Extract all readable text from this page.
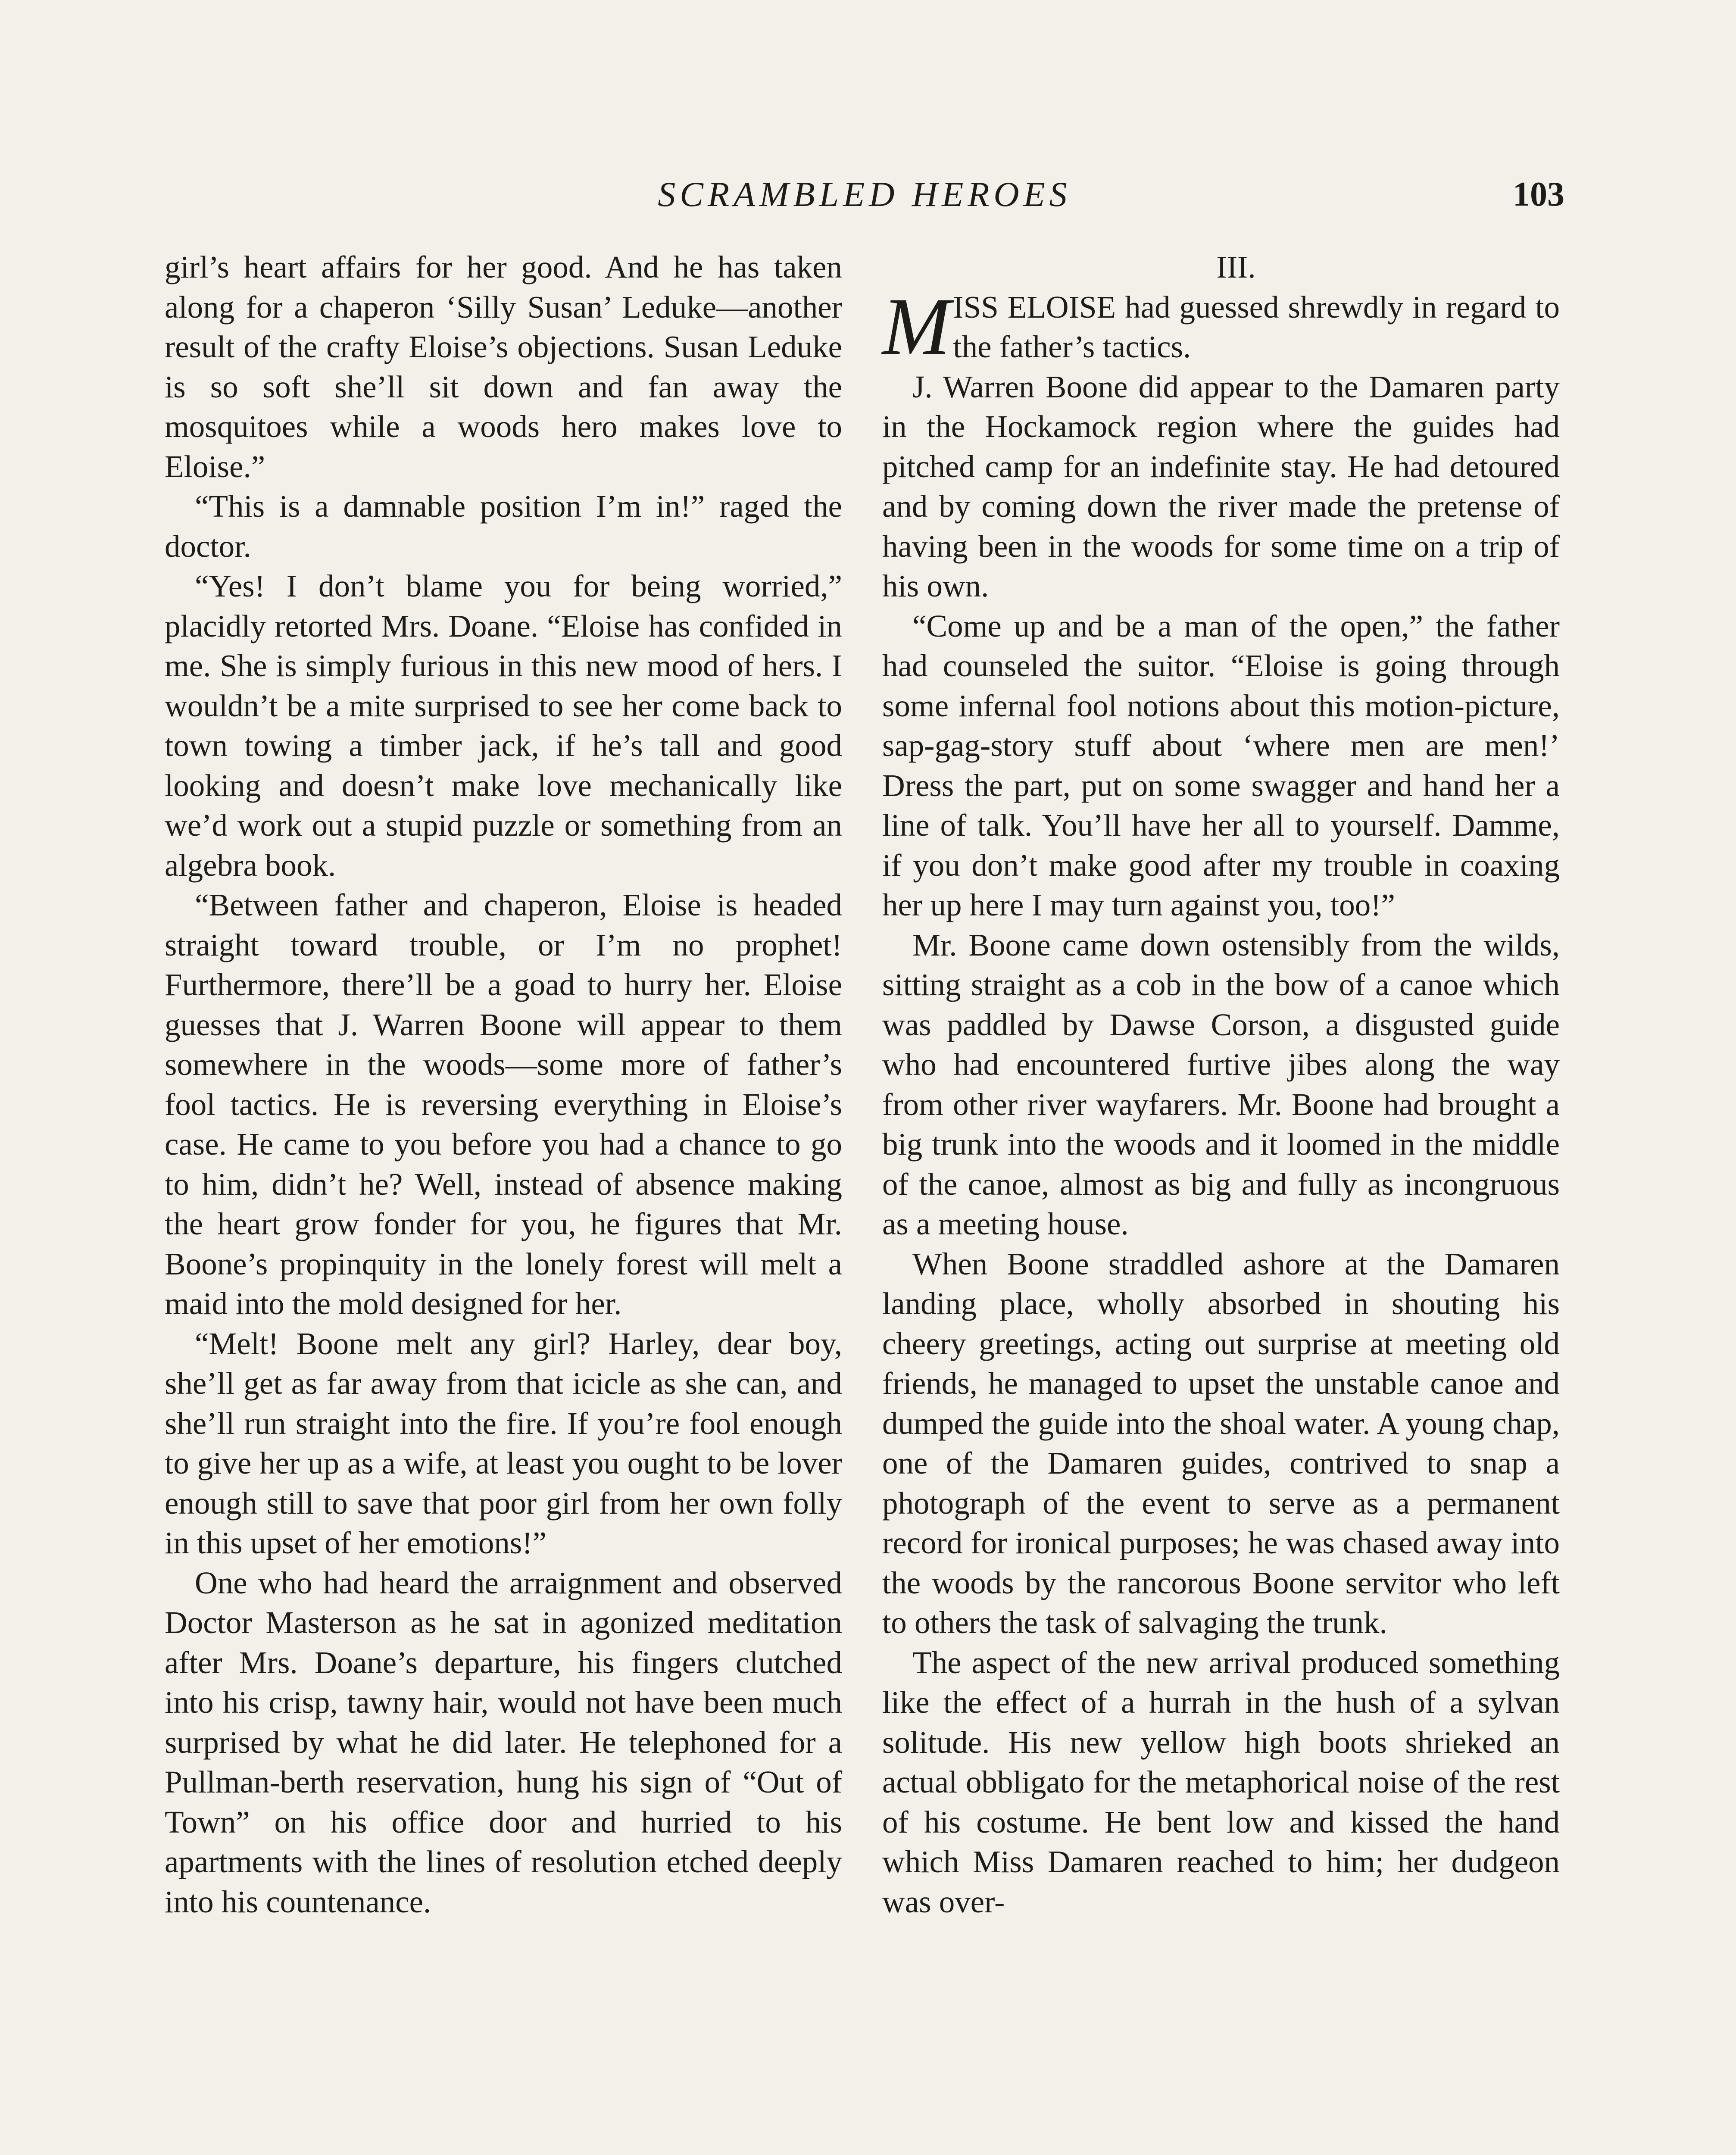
SCRAMBLED HEROES	103

girl’s heart affairs for her good. And he has taken along for a chaperon ‘Silly Susan’ Leduke—another result of the crafty Eloise’s objections. Susan Leduke is so soft she’ll sit down and fan away the mosquitoes while a woods hero makes love to Eloise.”

“This is a damnable position I’m in!” raged the doctor.

“Yes! I don’t blame you for being worried,” placidly retorted Mrs. Doane. “Eloise has confided in me. She is simply furious in this new mood of hers. I wouldn’t be a mite surprised to see her come back to town towing a timber jack, if he’s tall and good looking and doesn’t make love mechanically like we’d work out a stupid puzzle or something from an algebra book.

“Between father and chaperon, Eloise is headed straight toward trouble, or I’m no prophet! Furthermore, there’ll be a goad to hurry her. Eloise guesses that J. Warren Boone will appear to them somewhere in the woods—some more of father’s fool tactics. He is reversing everything in Eloise’s case. He came to you before you had a chance to go to him, didn’t he? Well, instead of absence making the heart grow fonder for you, he figures that Mr. Boone’s propinquity in the lonely forest will melt a maid into the mold designed for her.

“Melt! Boone melt any girl? Harley, dear boy, she’ll get as far away from that icicle as she can, and she’ll run straight into the fire. If you’re fool enough to give her up as a wife, at least you ought to be lover enough still to save that poor girl from her own folly in this upset of her emotions!”

One who had heard the arraignment and observed Doctor Masterson as he sat in agonized meditation after Mrs. Doane’s departure, his fingers clutched into his crisp, tawny hair, would not have been much surprised by what he did later. He telephoned for a Pullman-berth reservation, hung his sign of “Out of Town” on his office door and hurried to his apartments with the lines of resolution etched deeply into his countenance.

III.

MISS ELOISE had guessed shrewdly in regard to the father’s tactics.

J. Warren Boone did appear to the Damaren party in the Hockamock region where the guides had pitched camp for an indefinite stay. He had detoured and by coming down the river made the pretense of having been in the woods for some time on a trip of his own.

“Come up and be a man of the open,” the father had counseled the suitor. “Eloise is going through some infernal fool notions about this motion-picture, sap-gag-story stuff about ‘where men are men!’ Dress the part, put on some swagger and hand her a line of talk. You’ll have her all to yourself. Damme, if you don’t make good after my trouble in coaxing her up here I may turn against you, too!”

Mr. Boone came down ostensibly from the wilds, sitting straight as a cob in the bow of a canoe which was paddled by Dawse Corson, a disgusted guide who had encountered furtive jibes along the way from other river wayfarers. Mr. Boone had brought a big trunk into the woods and it loomed in the middle of the canoe, almost as big and fully as incongruous as a meeting house.

When Boone straddled ashore at the Damaren landing place, wholly absorbed in shouting his cheery greetings, acting out surprise at meeting old friends, he managed to upset the unstable canoe and dumped the guide into the shoal water. A young chap, one of the Damaren guides, contrived to snap a photograph of the event to serve as a permanent record for ironical purposes; he was chased away into the woods by the rancorous Boone servitor who left to others the task of salvaging the trunk.

The aspect of the new arrival produced something like the effect of a hurrah in the hush of a sylvan solitude. His new yellow high boots shrieked an actual obbligato for the metaphorical noise of the rest of his costume. He bent low and kissed the hand which Miss Damaren reached to him; her dudgeon was over-
